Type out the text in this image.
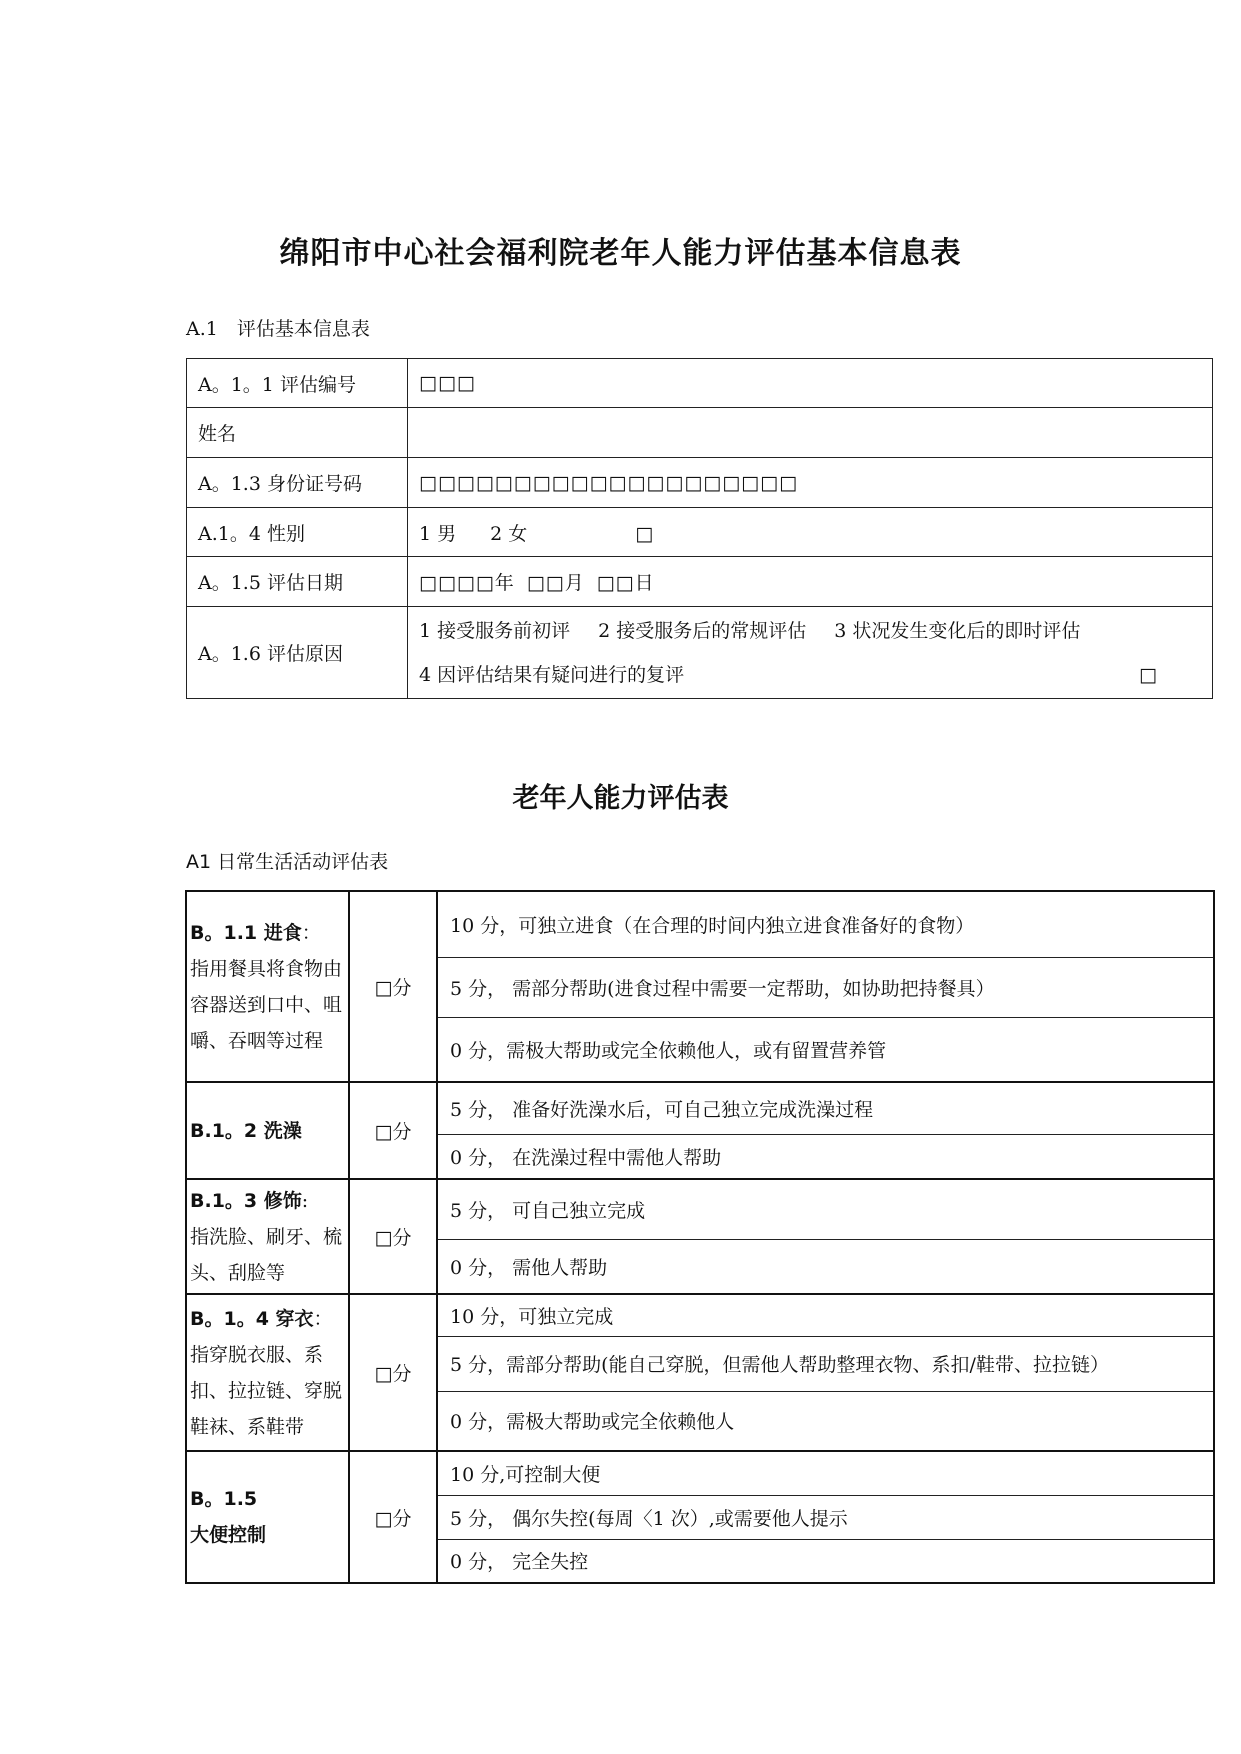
绵阳市中心社会福利院老年人能力评估基本信息表
A.1　评估基本信息表
A。1。1 评估编号	□□□
姓名	
A。1.3 身份证号码	□□□□□□□□□□□□□□□□□□□□
A.1。4 性别	1 男 2 女 □
A。1.5 评估日期	□□□□年 □□月 □□日
A。1.6 评估原因	1 接受服务前初评 2 接受服务后的常规评估 3 状况发生变化后的即时评估
4 因评估结果有疑问进行的复评 □
老年人能力评估表
A1 日常生活活动评估表
B。1.1 进食：
指用餐具将食物由容器送到口中、咀嚼、吞咽等过程	□分	10 分，可独立进食（在合理的时间内独立进食准备好的食物）
		5 分， 需部分帮助(进食过程中需要一定帮助，如协助把持餐具）
		0 分，需极大帮助或完全依赖他人，或有留置营养管
B.1。2 洗澡	□分	5 分， 准备好洗澡水后，可自己独立完成洗澡过程
		0 分， 在洗澡过程中需他人帮助
B.1。3 修饰:
指洗脸、刷牙、梳头、刮脸等	□分	5 分， 可自己独立完成
		0 分， 需他人帮助
B。1。4 穿衣：
指穿脱衣服、系扣、拉拉链、穿脱鞋袜、系鞋带	□分	10 分，可独立完成
		5 分，需部分帮助(能自己穿脱，但需他人帮助整理衣物、系扣/鞋带、拉拉链）
		0 分，需极大帮助或完全依赖他人
B。1.5
大便控制	□分	10 分,可控制大便
		5 分， 偶尔失控(每周〈1 次）,或需要他人提示
		0 分， 完全失控
